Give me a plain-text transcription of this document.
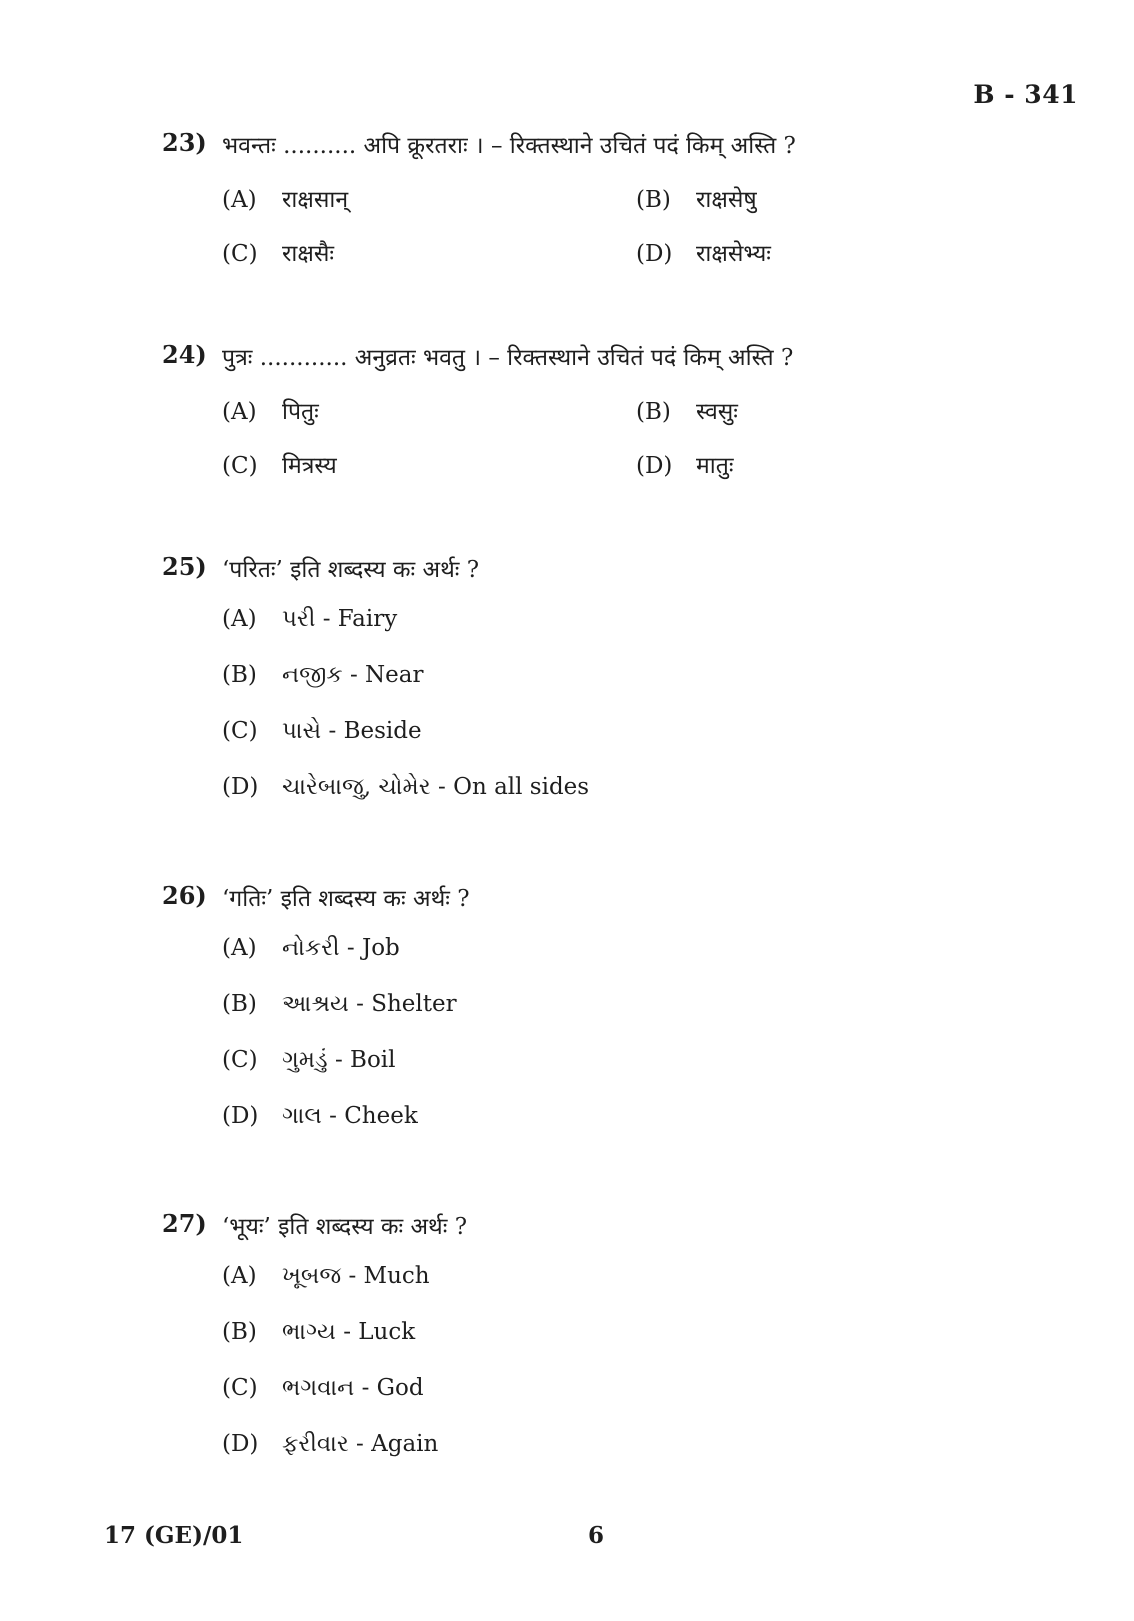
B - 341
23) भवन्तः .......... अपि क्रूरतराः । – रिक्तस्थाने उचितं पदं किम् अस्ति ?
(A) राक्षसान्	(B) राक्षसेषु
(C) राक्षसैः	(D) राक्षसेभ्यः
24) पुत्रः ............ अनुव्रतः भवतु । – रिक्तस्थाने उचितं पदं किम् अस्ति ?
(A) पितुः	(B) स्वसुः
(C) मित्रस्य	(D) मातुः
25) ‘परितः’ इति शब्दस्य कः अर्थः ?
(A) પરી - Fairy
(B) નજીક - Near
(C) પાસે - Beside
(D) ચારેબાજુ, ચોમેર - On all sides
26) ‘गतिः’ इति शब्दस्य कः अर्थः ?
(A) નોકરી - Job
(B) આશ્રય - Shelter
(C) ગુમડું - Boil
(D) ગાલ - Cheek
27) ‘भूयः’ इति शब्दस्य कः अर्थः ?
(A) ખૂબજ - Much
(B) ભાગ્ય - Luck
(C) ભગવાન - God
(D) ફરીવાર - Again
17 (GE)/01	6
